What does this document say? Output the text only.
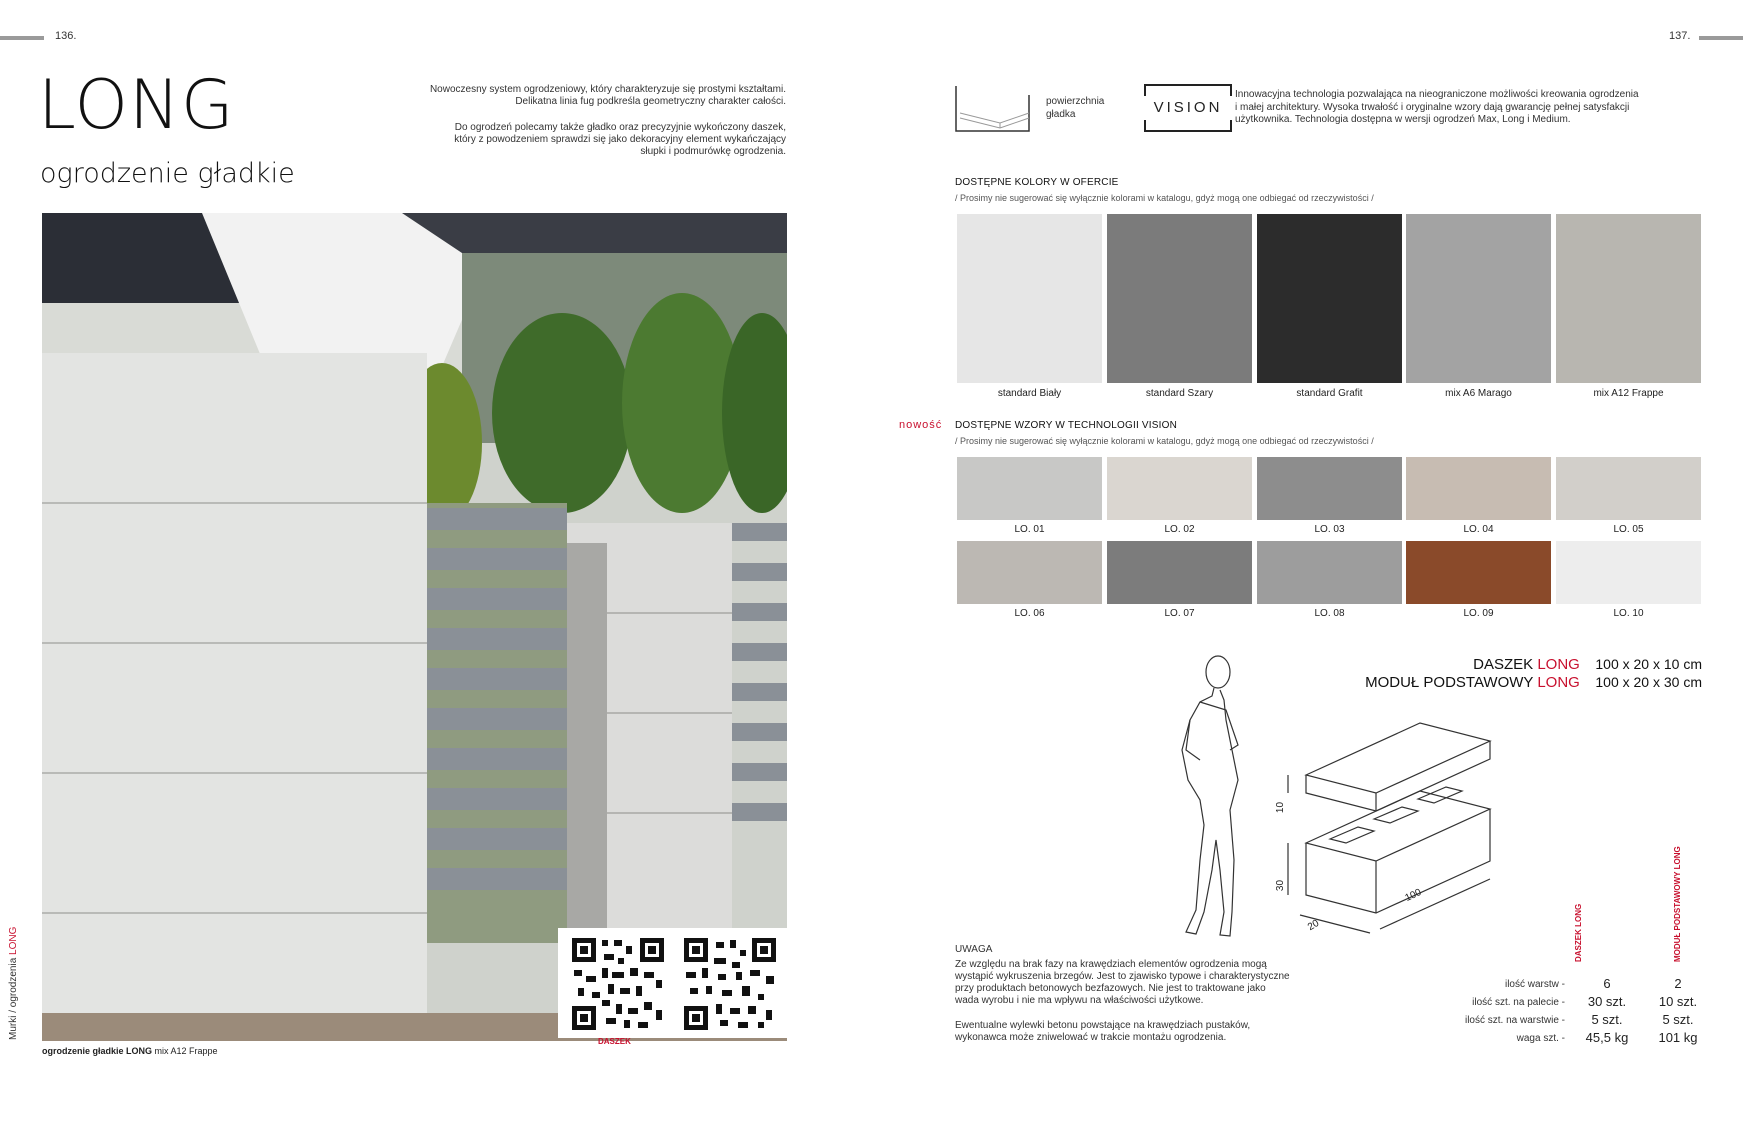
136.
LONG
ogrodzenie gładkie
Nowoczesny system ogrodzeniowy, który charakteryzuje się prostymi kształtami.
Delikatna linia fug podkreśla geometryczny charakter całości.
Do ogrodzeń polecamy także gładko oraz precyzyjnie wykończony daszek,
który z powodzeniem sprawdzi się jako dekoracyjny element wykańczający
słupki i podmurówkę ogrodzenia.
DASZEK
Murki / ogrodzenia LONG
ogrodzenie gładkie LONG mix A12 Frappe
137.
powierzchnia
gładka	VISION
Innowacyjna technologia pozwalająca na nieograniczone możliwości kreowania ogrodzenia
i małej architektury. Wysoka trwałość i oryginalne wzory dają gwarancję pełnej satysfakcji
użytkownika. Technologia dostępna w wersji ogrodzeń Max, Long i Medium.
DOSTĘPNE KOLORY W OFERCIE
/ Prosimy nie sugerować się wyłącznie kolorami w katalogu, gdyż mogą one odbiegać od rzeczywistości /
standard Biały	standard Szary	standard Grafit	mix A6 Marago	mix A12 Frappe
nowość DOSTĘPNE WZORY W TECHNOLOGII VISION
/ Prosimy nie sugerować się wyłącznie kolorami w katalogu, gdyż mogą one odbiegać od rzeczywistości /
LO. 01	LO. 02	LO. 03	LO. 04	LO. 05
LO. 06	LO. 07	LO. 08	LO. 09	LO. 10
DASZEK LONG 100 x 20 x 10 cm
MODUŁ PODSTAWOWY LONG 100 x 20 x 30 cm
10
30
20
100
UWAGA
Ze względu na brak fazy na krawędziach elementów ogrodzenia mogą
wystąpić wykruszenia brzegów. Jest to zjawisko typowe i charakterystyczne
przy produktach betonowych bezfazowych. Nie jest to traktowane jako
wada wyrobu i nie ma wpływu na właściwości użytkowe.
Ewentualne wylewki betonu powstające na krawędziach pustaków,
wykonawca może zniwelować w trakcie montażu ogrodzenia.
DASZEK LONG	MODUŁ PODSTAWOWY LONG
ilość warstw -	6	2
ilość szt. na palecie -	30 szt.	10 szt.
ilość szt. na warstwie -	5 szt.	5 szt.
waga szt. -	45,5 kg	101 kg
